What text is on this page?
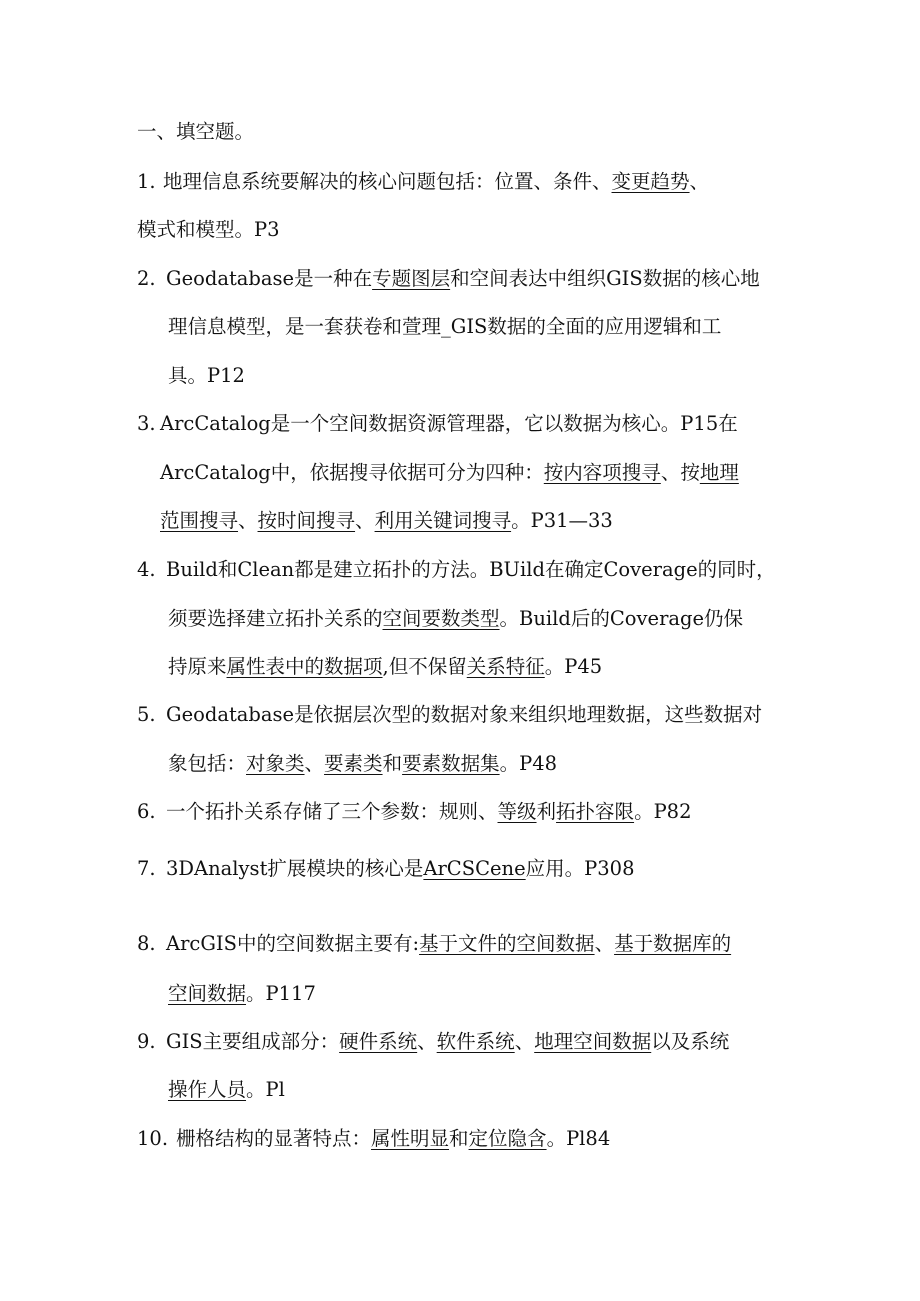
一、填空题。
1. 地理信息系统要解决的核心问题包括：位置、条件、变更趋势、
模式和模型。P3
2. Geodatabase是一种在专题图层和空间表达中组织GIS数据的核心地
理信息模型，是一套获卷和萱理_GIS数据的全面的应用逻辑和工
具。P12
3. ArcCatalog是一个空间数据资源管理器，它以数据为核心。P15在
ArcCatalog中，依据搜寻依据可分为四种：按内容项搜寻、按地理
范围搜寻、按时间搜寻、利用关键词搜寻。P31—33
4. Build和Clean都是建立拓扑的方法。BUild在确定Coverage的同时，
须要选择建立拓扑关系的空间要数类型。Build后的Coverage仍保
持原来属性表中的数据项,但不保留关系特征。P45
5. Geodatabase是依据层次型的数据对象来组织地理数据，这些数据对
象包括：对象类、要素类和要素数据集。P48
6. 一个拓扑关系存储了三个参数：规则、等级利拓扑容限。P82
7. 3DAnalyst扩展模块的核心是ArCSCene应用。P308
8. ArcGIS中的空间数据主要有:基于文件的空间数据、基于数据库的
空间数据。P117
9. GIS主要组成部分：硬件系统、软件系统、地理空间数据以及系统
操作人员。Pl
10. 栅格结构的显著特点：属性明显和定位隐含。Pl84
